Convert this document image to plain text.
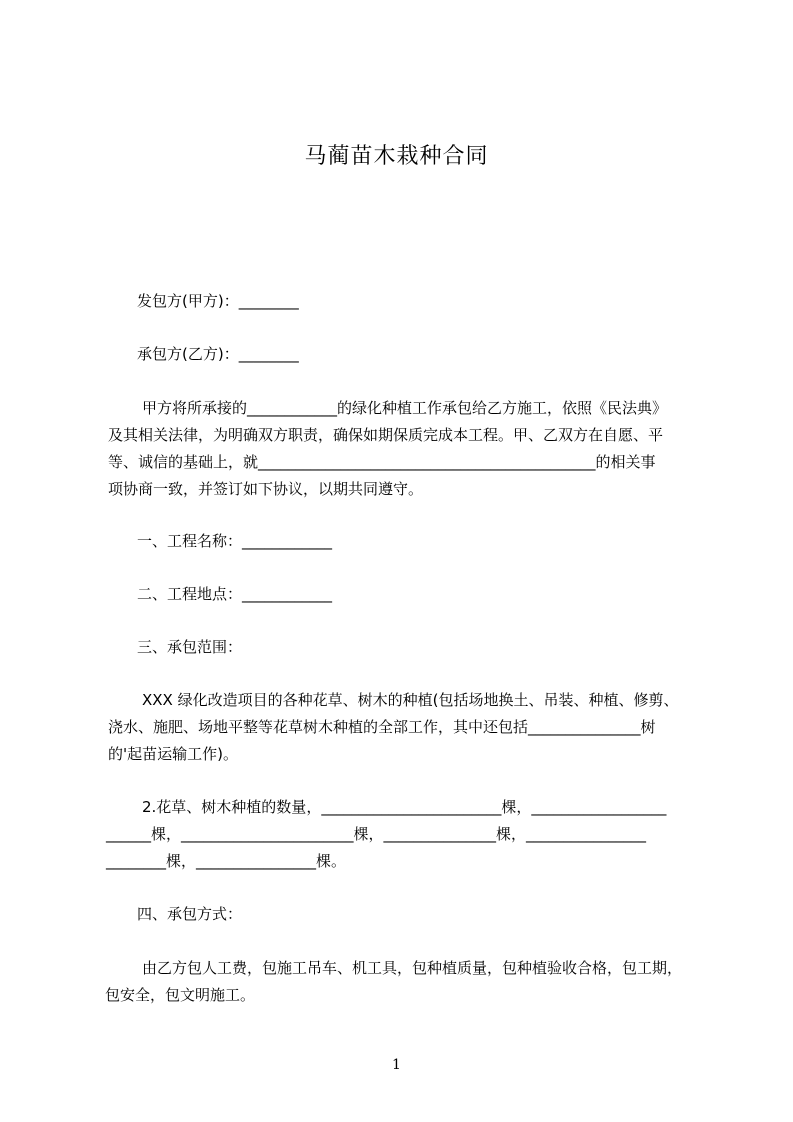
马蔺苗木栽种合同
发包方(甲方)：________
承包方(乙方)：________
甲方将所承接的____________的绿化种植工作承包给乙方施工，依照《民法典》
及其相关法律，为明确双方职责，确保如期保质完成本工程。甲、乙双方在自愿、平
等、诚信的基础上，就_____________________________________________的相关事
项协商一致，并签订如下协议，以期共同遵守。
一、工程名称：____________
二、工程地点：____________
三、承包范围：
XXX 绿化改造项目的各种花草、树木的种植(包括场地换土、吊装、种植、修剪、
浇水、施肥、场地平整等花草树木种植的全部工作，其中还包括_______________树
的'起苗运输工作)。
2.花草、树木种植的数量，________________________棵，__________________
______棵，_______________________棵，_______________棵，________________
________棵，________________棵。
四、承包方式：
由乙方包人工费，包施工吊车、机工具，包种植质量，包种植验收合格，包工期，
包安全，包文明施工。
1
